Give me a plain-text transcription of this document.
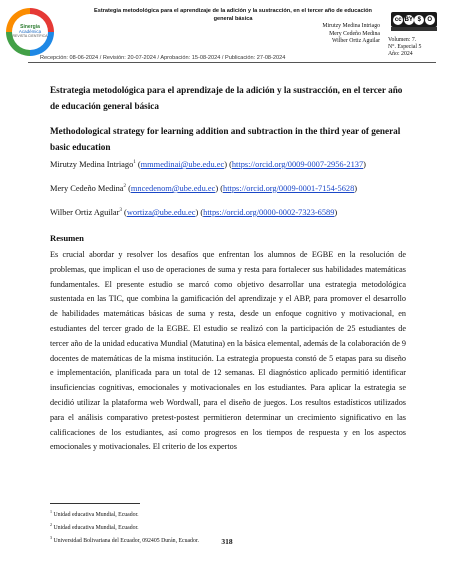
Sinergia
Académica
REVISTA CIENTÍFICA
Estrategia metodológica para el aprendizaje de la adición y la sustracción, en el tercer año de educación general básica
Mirutzy Medina Intriago
Mery Cedeño Medina
Wilber Ortiz Aguilar
cc BY $	O
Volumen: 7.
N°. Especial 5
Año: 2024
Recepción: 08-06-2024 / Revisión: 20-07-2024 / Aprobación: 15-08-2024 / Publicación: 27-08-2024
Estrategia metodológica para el aprendizaje de la adición y la sustracción, en el tercer año de educación general básica
Methodological strategy for learning addition and subtraction in the third year of general basic education
Mirutzy Medina Intriago$^1$ (mmmedinai@ube.edu.ec) (https://orcid.org/0009-0007-2956-2137)
Mery Cedeño Medina$^2$ (mncedenom@ube.edu.ec) (https://orcid.org/0009-0001-7154-5628)
Wilber Ortiz Aguilar$^3$ (wortiza@ube.edu.ec) (https://orcid.org/0000-0002-7323-6589)
Resumen
Es crucial abordar y resolver los desafíos que enfrentan los alumnos de EGBE en la resolución de problemas, que implican el uso de operaciones de suma y resta para fortalecer sus habilidades matemáticas fundamentales. El presente estudio se marcó como objetivo desarrollar una estrategia metodológica sustentada en las TIC, que combina la gamificación del aprendizaje y el ABP, para promover el desarrollo de habilidades matemáticas básicas de suma y resta, desde un enfoque cognitivo y motivacional, en estudiantes del tercer grado de la EGBE. El estudio se realizó con la participación de 25 estudiantes de tercer año de la unidad educativa Mundial (Matutina) en la básica elemental, además de la colaboración de 9 docentes de matemáticas de la misma institución. La estrategia propuesta constó de 5 etapas para su diseño e implementación, planificada para un total de 12 semanas. El diagnóstico aplicado permitió identificar insuficiencias cognitivas, emocionales y motivacionales en los estudiantes. Para aplicar la estrategia se decidió utilizar la plataforma web Wordwall, para el diseño de juegos. Los resultos estadísticos utilizados para el análisis comparativo pretest-postest permitieron determinar un crecimiento significativo en las calificaciones de los estudiantes, así como progresos en los tiempos de respuesta y en los aspectos emocionales y motivacionales. El criterio de los expertos
$^1$ Unidad educativa Mundial, Ecuador.
$^2$ Unidad educativa Mundial, Ecuador.
$^3$ Universidad Bolivariana del Ecuador, 092405 Durán, Ecuador.	318
